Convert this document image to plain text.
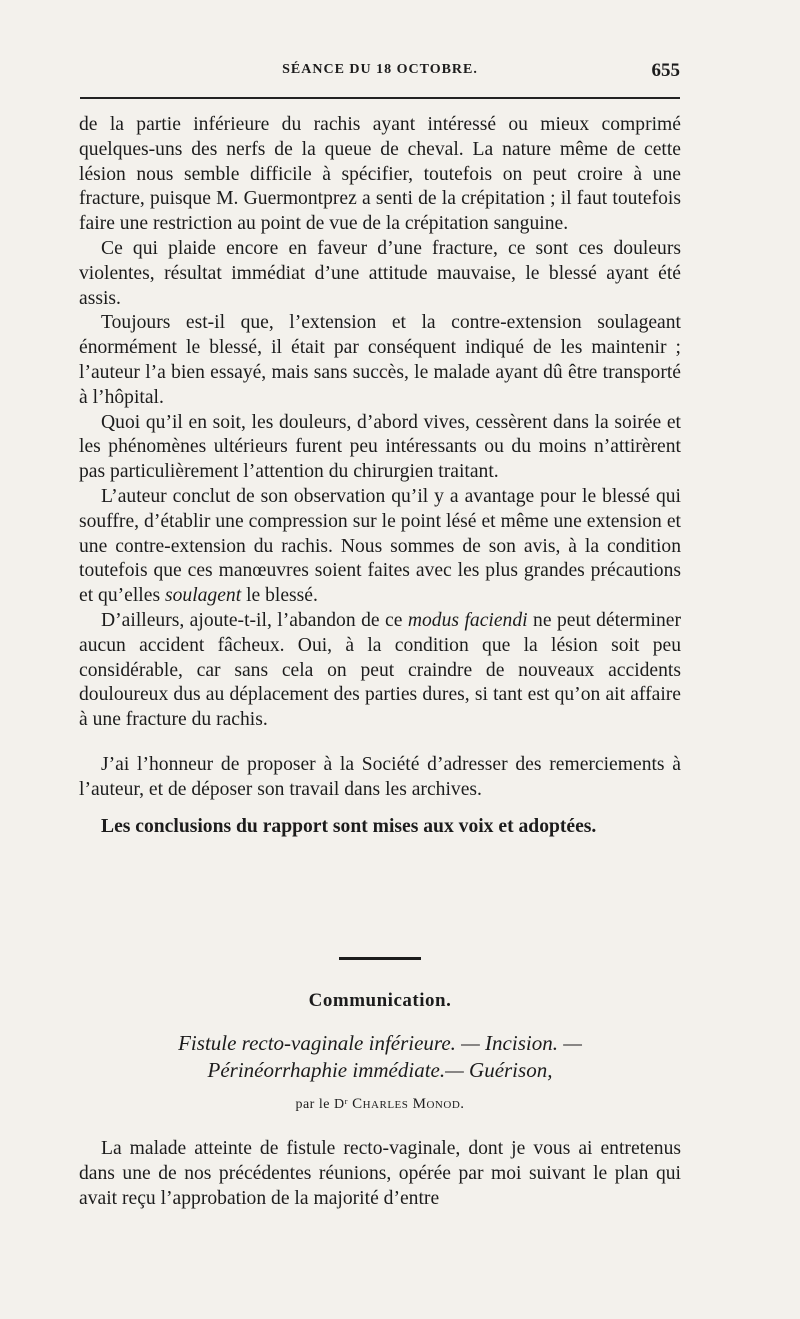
SÉANCE DU 18 OCTOBRE.	655

de la partie inférieure du rachis ayant intéressé ou mieux comprimé quelques-uns des nerfs de la queue de cheval. La nature même de cette lésion nous semble difficile à spécifier, toutefois on peut croire à une fracture, puisque M. Guermontprez a senti de la crépitation ; il faut toutefois faire une restriction au point de vue de la crépitation sanguine.

Ce qui plaide encore en faveur d’une fracture, ce sont ces douleurs violentes, résultat immédiat d’une attitude mauvaise, le blessé ayant été assis.

Toujours est-il que, l’extension et la contre-extension soulageant énormément le blessé, il était par conséquent indiqué de les maintenir ; l’auteur l’a bien essayé, mais sans succès, le malade ayant dû être transporté à l’hôpital.

Quoi qu’il en soit, les douleurs, d’abord vives, cessèrent dans la soirée et les phénomènes ultérieurs furent peu intéressants ou du moins n’attirèrent pas particulièrement l’attention du chirurgien traitant.

L’auteur conclut de son observation qu’il y a avantage pour le blessé qui souffre, d’établir une compression sur le point lésé et même une extension et une contre-extension du rachis. Nous sommes de son avis, à la condition toutefois que ces manœuvres soient faites avec les plus grandes précautions et qu’elles soulagent le blessé.

D’ailleurs, ajoute-t-il, l’abandon de ce modus faciendi ne peut déterminer aucun accident fâcheux. Oui, à la condition que la lésion soit peu considérable, car sans cela on peut craindre de nouveaux accidents douloureux dus au déplacement des parties dures, si tant est qu’on ait affaire à une fracture du rachis.

J’ai l’honneur de proposer à la Société d’adresser des remerciements à l’auteur, et de déposer son travail dans les archives.

Les conclusions du rapport sont mises aux voix et adoptées.

Communication.
Fistule recto-vaginale inférieure. — Incision. —
Périnéorrhaphie immédiate.— Guérison,
par le Dʳ Charles Monod.

La malade atteinte de fistule recto-vaginale, dont je vous ai entretenus dans une de nos précédentes réunions, opérée par moi suivant le plan qui avait reçu l’approbation de la majorité d’entre
